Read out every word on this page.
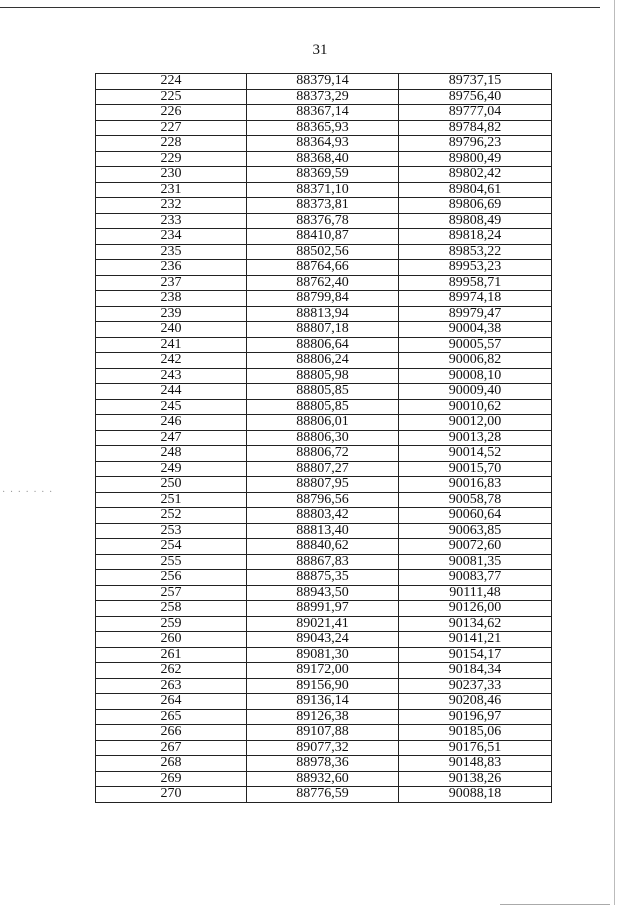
31
· · · · · · ·
224	88379,14	89737,15
225	88373,29	89756,40
226	88367,14	89777,04
227	88365,93	89784,82
228	88364,93	89796,23
229	88368,40	89800,49
230	88369,59	89802,42
231	88371,10	89804,61
232	88373,81	89806,69
233	88376,78	89808,49
234	88410,87	89818,24
235	88502,56	89853,22
236	88764,66	89953,23
237	88762,40	89958,71
238	88799,84	89974,18
239	88813,94	89979,47
240	88807,18	90004,38
241	88806,64	90005,57
242	88806,24	90006,82
243	88805,98	90008,10
244	88805,85	90009,40
245	88805,85	90010,62
246	88806,01	90012,00
247	88806,30	90013,28
248	88806,72	90014,52
249	88807,27	90015,70
250	88807,95	90016,83
251	88796,56	90058,78
252	88803,42	90060,64
253	88813,40	90063,85
254	88840,62	90072,60
255	88867,83	90081,35
256	88875,35	90083,77
257	88943,50	90111,48
258	88991,97	90126,00
259	89021,41	90134,62
260	89043,24	90141,21
261	89081,30	90154,17
262	89172,00	90184,34
263	89156,90	90237,33
264	89136,14	90208,46
265	89126,38	90196,97
266	89107,88	90185,06
267	89077,32	90176,51
268	88978,36	90148,83
269	88932,60	90138,26
270	88776,59	90088,18
